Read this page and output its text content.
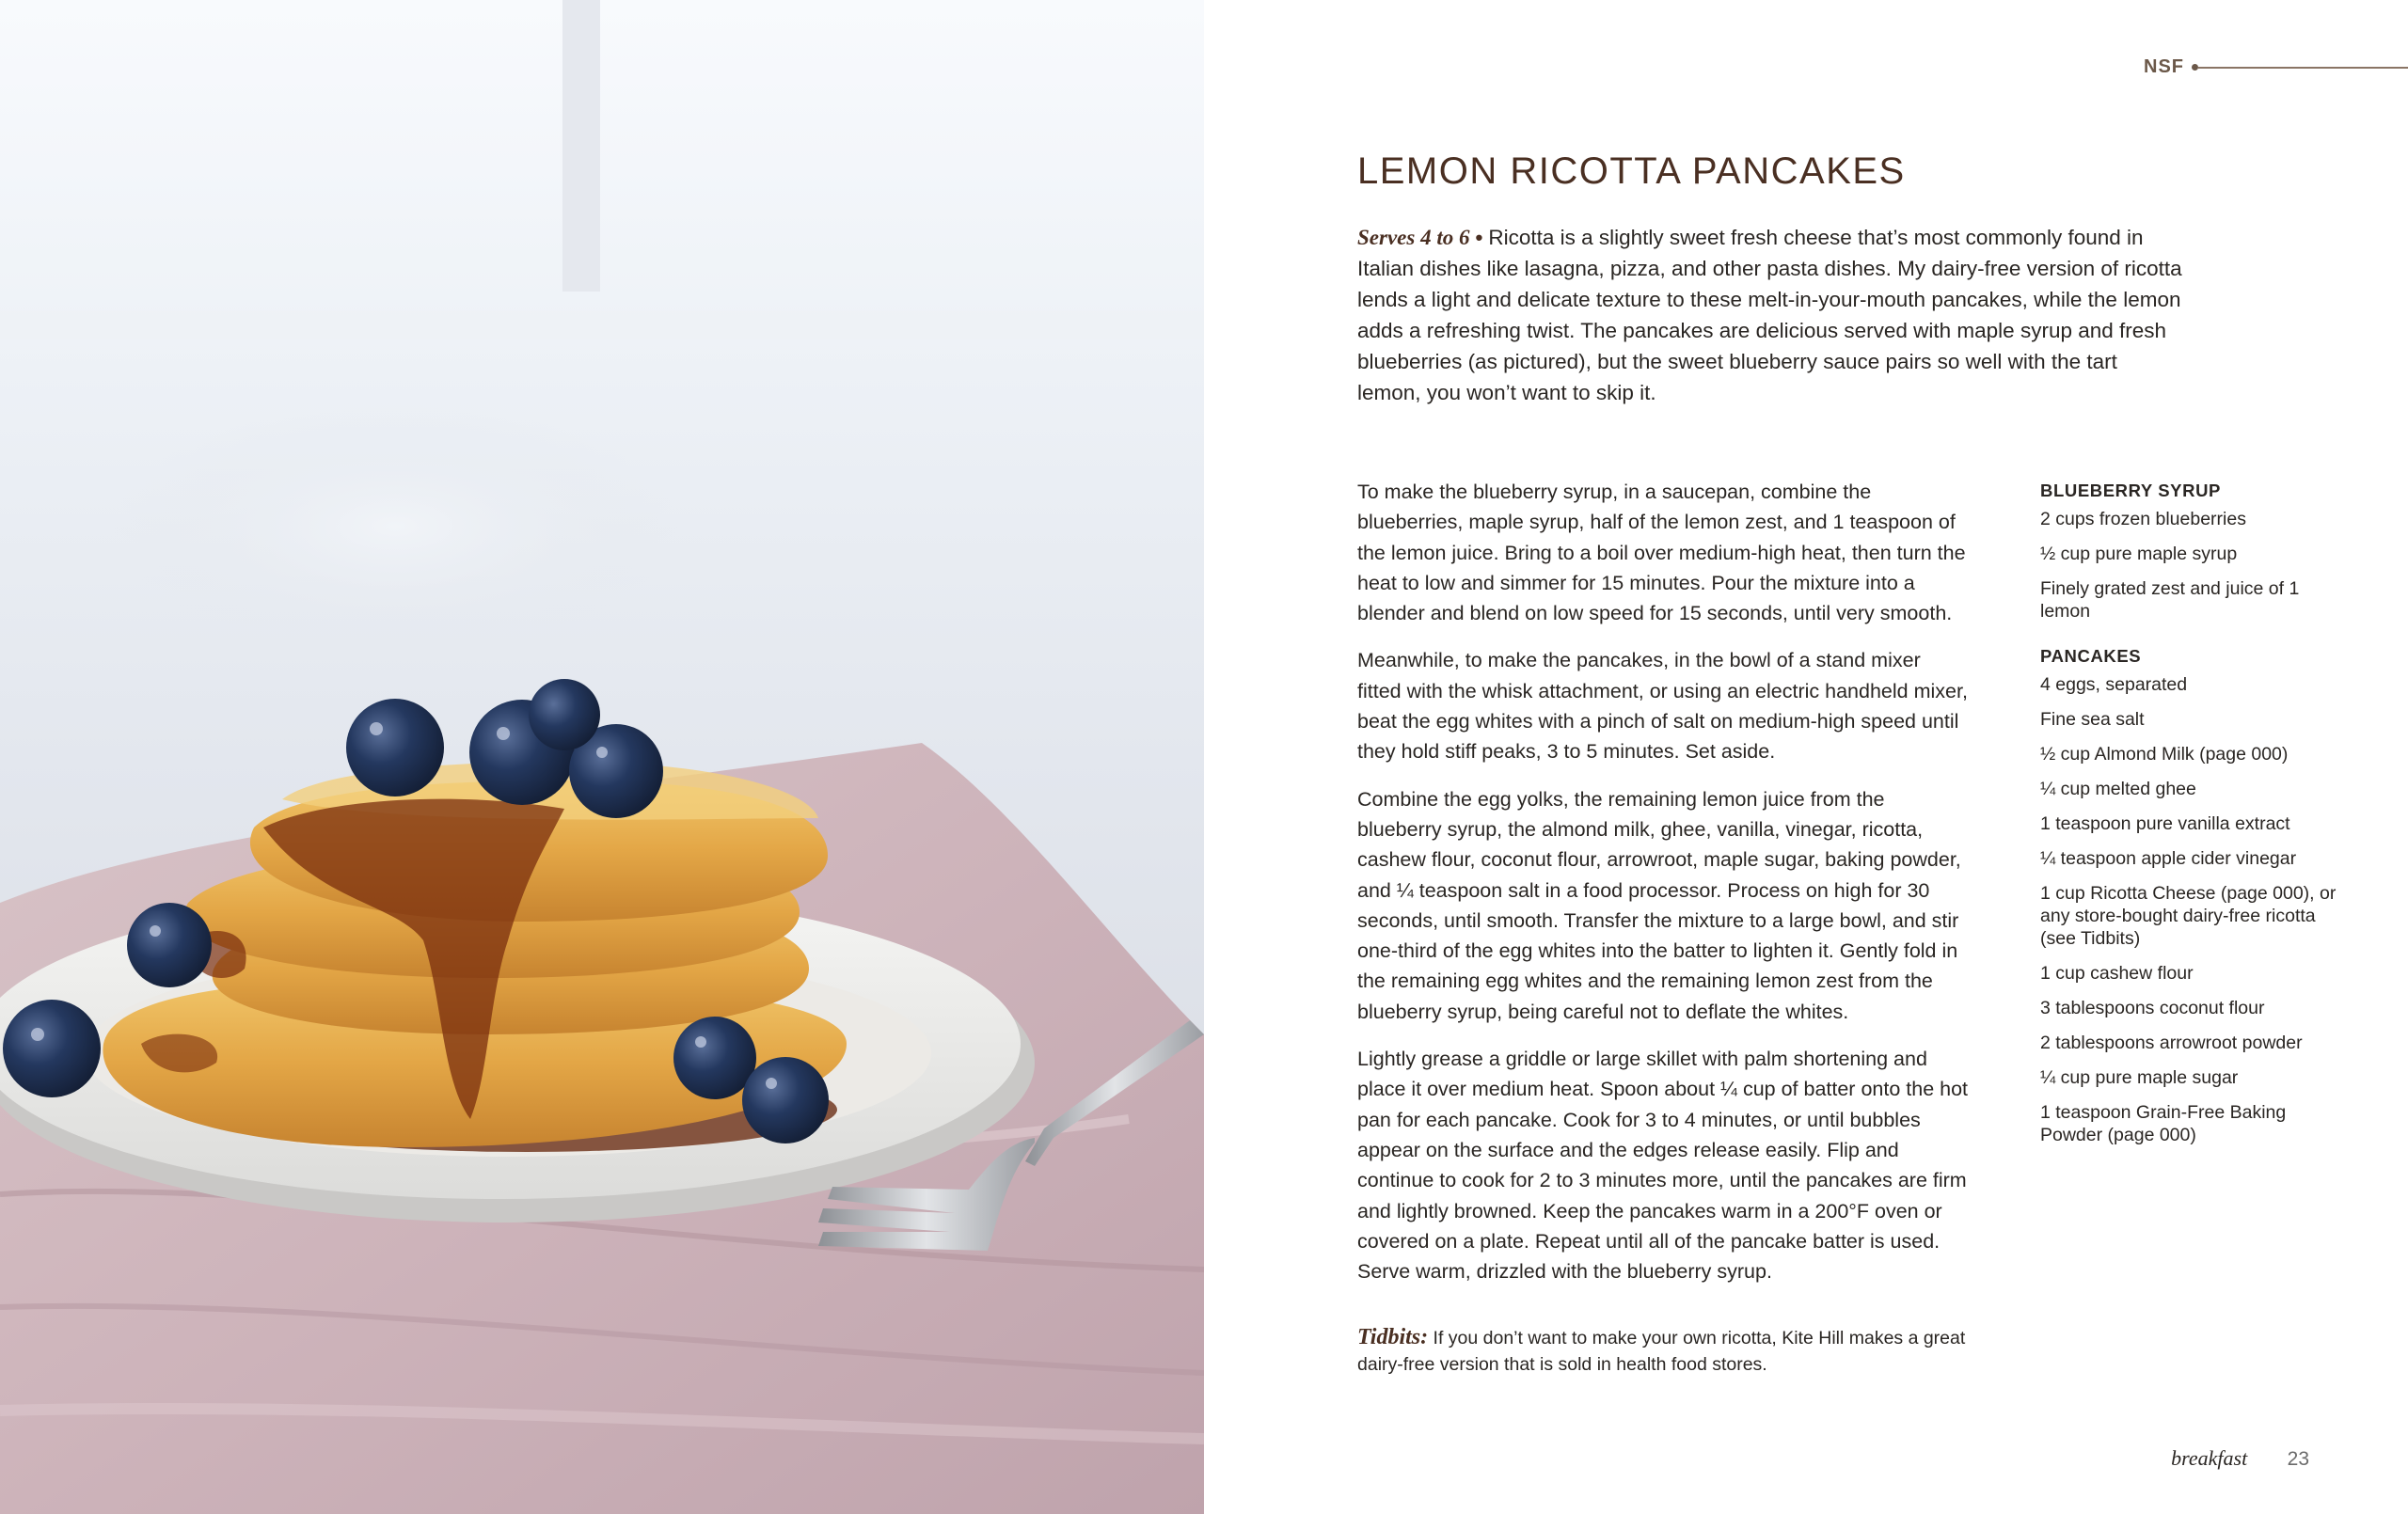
NSF
LEMON RICOTTA PANCAKES

Serves 4 to 6 • Ricotta is a slightly sweet fresh cheese that’s most commonly found in Italian dishes like lasagna, pizza, and other pasta dishes. My dairy-free version of ricotta lends a light and delicate texture to these melt-in-your-mouth pancakes, while the lemon adds a refreshing twist. The pancakes are delicious served with maple syrup and fresh blueberries (as pictured), but the sweet blueberry sauce pairs so well with the tart lemon, you won’t want to skip it.

To make the blueberry syrup, in a saucepan, combine the blueberries, maple syrup, half of the lemon zest, and 1 teaspoon of the lemon juice. Bring to a boil over medium-high heat, then turn the heat to low and simmer for 15 minutes. Pour the mixture into a blender and blend on low speed for 15 seconds, until very smooth.

Meanwhile, to make the pancakes, in the bowl of a stand mixer fitted with the whisk attachment, or using an electric handheld mixer, beat the egg whites with a pinch of salt on medium-high speed until they hold stiff peaks, 3 to 5 minutes. Set aside.

Combine the egg yolks, the remaining lemon juice from the blueberry syrup, the almond milk, ghee, vanilla, vinegar, ricotta, cashew flour, coconut flour, arrowroot, maple sugar, baking powder, and ¼ teaspoon salt in a food processor. Process on high for 30 seconds, until smooth. Transfer the mixture to a large bowl, and stir one-third of the egg whites into the batter to lighten it. Gently fold in the remaining egg whites and the remaining lemon zest from the blueberry syrup, being careful not to deflate the whites.

Lightly grease a griddle or large skillet with palm shortening and place it over medium heat. Spoon about ¼ cup of batter onto the hot pan for each pancake. Cook for 3 to 4 minutes, or until bubbles appear on the surface and the edges release easily. Flip and continue to cook for 2 to 3 minutes more, until the pancakes are firm and lightly browned. Keep the pancakes warm in a 200°F oven or covered on a plate. Repeat until all of the pancake batter is used. Serve warm, drizzled with the blueberry syrup.

BLUEBERRY SYRUP
2 cups frozen blueberries
½ cup pure maple syrup
Finely grated zest and juice of 1 lemon
PANCAKES
4 eggs, separated
Fine sea salt
½ cup Almond Milk (page 000)
¼ cup melted ghee
1 teaspoon pure vanilla extract
¼ teaspoon apple cider vinegar
1 cup Ricotta Cheese (page 000), or any store-bought dairy-free ricotta (see Tidbits)
1 cup cashew flour
3 tablespoons coconut flour
2 tablespoons arrowroot powder
¼ cup pure maple sugar
1 teaspoon Grain-Free Baking Powder (page 000)
Tidbits: If you don’t want to make your own ricotta, Kite Hill makes a great dairy-free version that is sold in health food stores.
breakfast 23
